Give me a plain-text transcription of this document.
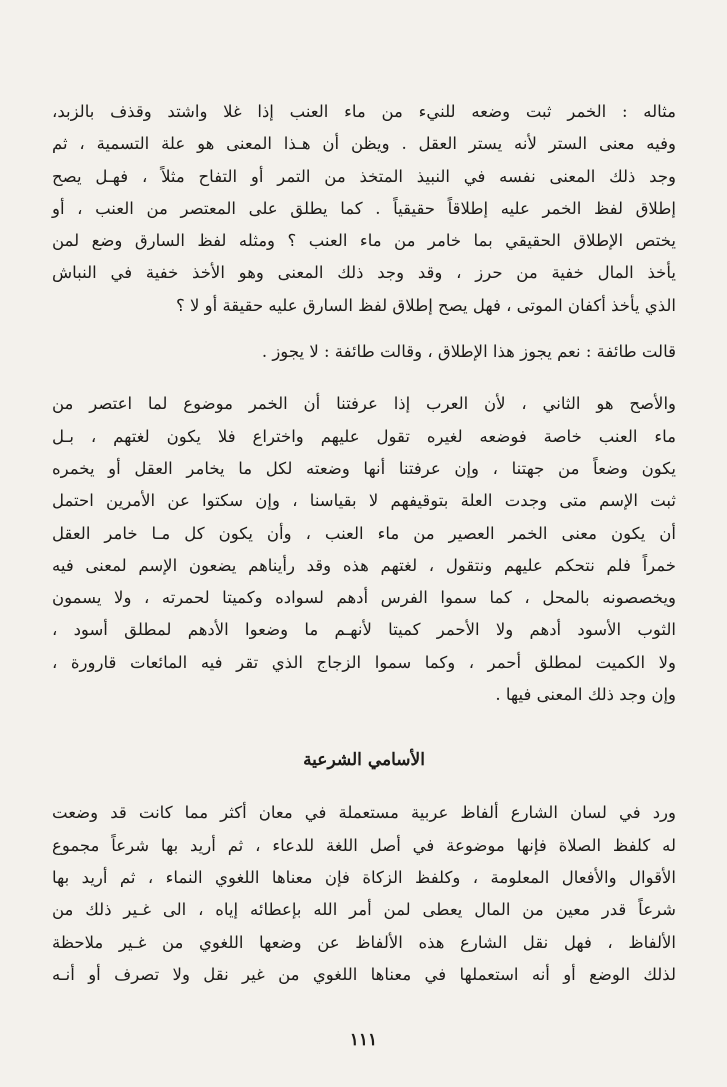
مثاله : الخمر ثبت وضعه للنيء من ماء العنب إذا غلا واشتد وقذف بالزبد،
وفيه معنى الستر لأنه يستر العقل . ويظن أن هـذا المعنى هو علة التسمية ، ثم
وجد ذلك المعنى نفسه في النبيذ المتخذ من التمر أو التفاح مثلاً ، فهـل يصح
إطلاق لفظ الخمر عليه إطلاقاً حقيقياً . كما يطلق على المعتصر من العنب ، أو
يختص الإطلاق الحقيقي بما خامر من ماء العنب ؟ ومثله لفظ السارق وضع لمن
يأخذ المال خفية من حرز ، وقد وجد ذلك المعنى وهو الأخذ خفية في النباش
الذي يأخذ أكفان الموتى ، فهل يصح إطلاق لفظ السارق عليه حقيقة أو لا ؟

قالت طائفة : نعم يجوز هذا الإطلاق ، وقالت طائفة : لا يجوز .

والأصح هو الثاني ، لأن العرب إذا عرفتنا أن الخمر موضوع لما اعتصر من
ماء العنب خاصة فوضعه لغيره تقول عليهم واختراع فلا يكون لغتهم ، بـل
يكون وضعاً من جهتنا ، وإن عرفتنا أنها وضعته لكل ما يخامر العقل أو يخمره
ثبت الإسم متى وجدت العلة بتوقيفهم لا بقياسنا ، وإن سكتوا عن الأمرين احتمل
أن يكون معنى الخمر العصير من ماء العنب ، وأن يكون كل مـا خامر العقل
خمراً فلم نتحكم عليهم ونتقول ، لغتهم هذه وقد رأيناهم يضعون الإسم لمعنى فيه
ويخصصونه بالمحل ، كما سموا الفرس أدهم لسواده وكميتا لحمرته ، ولا يسمون
الثوب الأسود أدهم ولا الأحمر كميتا لأنهـم ما وضعوا الأدهم لمطلق أسود ،
ولا الكميت لمطلق أحمر ، وكما سموا الزجاج الذي تقر فيه المائعات قارورة ،
وإن وجد ذلك المعنى فيها .

الأسامي الشرعية

ورد في لسان الشارع ألفاظ عربية مستعملة في معان أكثر مما كانت قد وضعت
له كلفظ الصلاة فإنها موضوعة في أصل اللغة للدعاء ، ثم أريد بها شرعاً مجموع
الأقوال والأفعال المعلومة ، وكلفظ الزكاة فإن معناها اللغوي النماء ، ثم أريد بها
شرعاً قدر معين من المال يعطى لمن أمر الله بإعطائه إياه ، الى غـير ذلك من
الألفاظ ، فهل نقل الشارع هذه الألفاظ عن وضعها اللغوي من غـير ملاحظة
لذلك الوضع أو أنه استعملها في معناها اللغوي من غير نقل ولا تصرف أو أنـه

١١١
